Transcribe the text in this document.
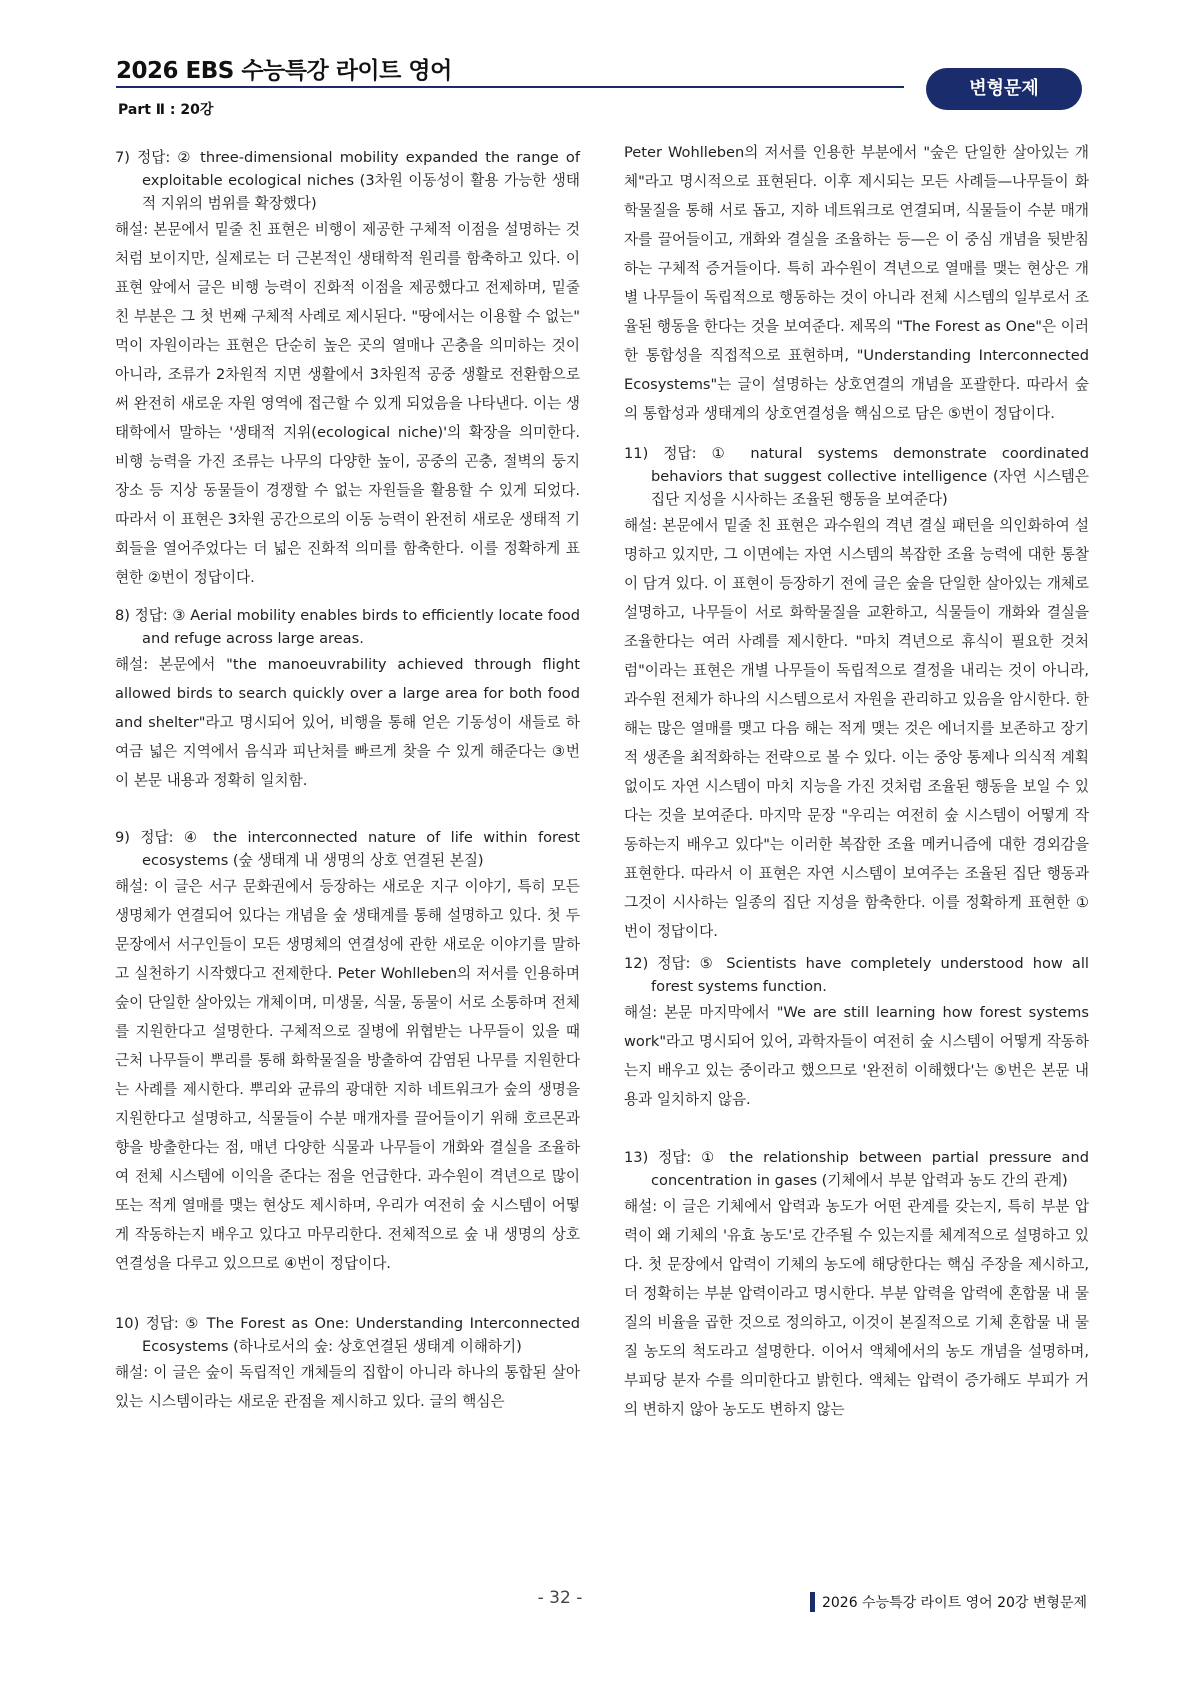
2026 EBS 수능특강 라이트 영어
Part Ⅱ : 20강
변형문제
7) 정답: ② three-dimensional mobility expanded the range of exploitable ecological niches (3차원 이동성이 활용 가능한 생태적 지위의 범위를 확장했다)
해설: 본문에서 밑줄 친 표현은 비행이 제공한 구체적 이점을 설명하는 것처럼 보이지만, 실제로는 더 근본적인 생태학적 원리를 함축하고 있다. 이 표현 앞에서 글은 비행 능력이 진화적 이점을 제공했다고 전제하며, 밑줄 친 부분은 그 첫 번째 구체적 사례로 제시된다. "땅에서는 이용할 수 없는" 먹이 자원이라는 표현은 단순히 높은 곳의 열매나 곤충을 의미하는 것이 아니라, 조류가 2차원적 지면 생활에서 3차원적 공중 생활로 전환함으로써 완전히 새로운 자원 영역에 접근할 수 있게 되었음을 나타낸다. 이는 생태학에서 말하는 '생태적 지위(ecological niche)'의 확장을 의미한다. 비행 능력을 가진 조류는 나무의 다양한 높이, 공중의 곤충, 절벽의 둥지 장소 등 지상 동물들이 경쟁할 수 없는 자원들을 활용할 수 있게 되었다. 따라서 이 표현은 3차원 공간으로의 이동 능력이 완전히 새로운 생태적 기회들을 열어주었다는 더 넓은 진화적 의미를 함축한다. 이를 정확하게 표현한 ②번이 정답이다.
8) 정답: ③ Aerial mobility enables birds to efficiently locate food and refuge across large areas.
해설: 본문에서 "the manoeuvrability achieved through flight allowed birds to search quickly over a large area for both food and shelter"라고 명시되어 있어, 비행을 통해 얻은 기동성이 새들로 하여금 넓은 지역에서 음식과 피난처를 빠르게 찾을 수 있게 해준다는 ③번이 본문 내용과 정확히 일치함.
9) 정답: ④ the interconnected nature of life within forest ecosystems (숲 생태계 내 생명의 상호 연결된 본질)
해설: 이 글은 서구 문화권에서 등장하는 새로운 지구 이야기, 특히 모든 생명체가 연결되어 있다는 개념을 숲 생태계를 통해 설명하고 있다. 첫 두 문장에서 서구인들이 모든 생명체의 연결성에 관한 새로운 이야기를 말하고 실천하기 시작했다고 전제한다. Peter Wohlleben의 저서를 인용하며 숲이 단일한 살아있는 개체이며, 미생물, 식물, 동물이 서로 소통하며 전체를 지원한다고 설명한다. 구체적으로 질병에 위협받는 나무들이 있을 때 근처 나무들이 뿌리를 통해 화학물질을 방출하여 감염된 나무를 지원한다는 사례를 제시한다. 뿌리와 균류의 광대한 지하 네트워크가 숲의 생명을 지원한다고 설명하고, 식물들이 수분 매개자를 끌어들이기 위해 호르몬과 향을 방출한다는 점, 매년 다양한 식물과 나무들이 개화와 결실을 조율하여 전체 시스템에 이익을 준다는 점을 언급한다. 과수원이 격년으로 많이 또는 적게 열매를 맺는 현상도 제시하며, 우리가 여전히 숲 시스템이 어떻게 작동하는지 배우고 있다고 마무리한다. 전체적으로 숲 내 생명의 상호연결성을 다루고 있으므로 ④번이 정답이다.
10) 정답: ⑤ The Forest as One: Understanding Interconnected Ecosystems (하나로서의 숲: 상호연결된 생태계 이해하기)
해설: 이 글은 숲이 독립적인 개체들의 집합이 아니라 하나의 통합된 살아있는 시스템이라는 새로운 관점을 제시하고 있다. 글의 핵심은
Peter Wohlleben의 저서를 인용한 부분에서 "숲은 단일한 살아있는 개체"라고 명시적으로 표현된다. 이후 제시되는 모든 사례들—나무들이 화학물질을 통해 서로 돕고, 지하 네트워크로 연결되며, 식물들이 수분 매개자를 끌어들이고, 개화와 결실을 조율하는 등—은 이 중심 개념을 뒷받침하는 구체적 증거들이다. 특히 과수원이 격년으로 열매를 맺는 현상은 개별 나무들이 독립적으로 행동하는 것이 아니라 전체 시스템의 일부로서 조율된 행동을 한다는 것을 보여준다. 제목의 "The Forest as One"은 이러한 통합성을 직접적으로 표현하며, "Understanding Interconnected Ecosystems"는 글이 설명하는 상호연결의 개념을 포괄한다. 따라서 숲의 통합성과 생태계의 상호연결성을 핵심으로 담은 ⑤번이 정답이다.
11) 정답: ① natural systems demonstrate coordinated behaviors that suggest collective intelligence (자연 시스템은 집단 지성을 시사하는 조율된 행동을 보여준다)
해설: 본문에서 밑줄 친 표현은 과수원의 격년 결실 패턴을 의인화하여 설명하고 있지만, 그 이면에는 자연 시스템의 복잡한 조율 능력에 대한 통찰이 담겨 있다. 이 표현이 등장하기 전에 글은 숲을 단일한 살아있는 개체로 설명하고, 나무들이 서로 화학물질을 교환하고, 식물들이 개화와 결실을 조율한다는 여러 사례를 제시한다. "마치 격년으로 휴식이 필요한 것처럼"이라는 표현은 개별 나무들이 독립적으로 결정을 내리는 것이 아니라, 과수원 전체가 하나의 시스템으로서 자원을 관리하고 있음을 암시한다. 한 해는 많은 열매를 맺고 다음 해는 적게 맺는 것은 에너지를 보존하고 장기적 생존을 최적화하는 전략으로 볼 수 있다. 이는 중앙 통제나 의식적 계획 없이도 자연 시스템이 마치 지능을 가진 것처럼 조율된 행동을 보일 수 있다는 것을 보여준다. 마지막 문장 "우리는 여전히 숲 시스템이 어떻게 작동하는지 배우고 있다"는 이러한 복잡한 조율 메커니즘에 대한 경외감을 표현한다. 따라서 이 표현은 자연 시스템이 보여주는 조율된 집단 행동과 그것이 시사하는 일종의 집단 지성을 함축한다. 이를 정확하게 표현한 ①번이 정답이다.
12) 정답: ⑤ Scientists have completely understood how all forest systems function.
해설: 본문 마지막에서 "We are still learning how forest systems work"라고 명시되어 있어, 과학자들이 여전히 숲 시스템이 어떻게 작동하는지 배우고 있는 중이라고 했으므로 '완전히 이해했다'는 ⑤번은 본문 내용과 일치하지 않음.
13) 정답: ① the relationship between partial pressure and concentration in gases (기체에서 부분 압력과 농도 간의 관계)
해설: 이 글은 기체에서 압력과 농도가 어떤 관계를 갖는지, 특히 부분 압력이 왜 기체의 '유효 농도'로 간주될 수 있는지를 체계적으로 설명하고 있다. 첫 문장에서 압력이 기체의 농도에 해당한다는 핵심 주장을 제시하고, 더 정확히는 부분 압력이라고 명시한다. 부분 압력을 압력에 혼합물 내 물질의 비율을 곱한 것으로 정의하고, 이것이 본질적으로 기체 혼합물 내 물질 농도의 척도라고 설명한다. 이어서 액체에서의 농도 개념을 설명하며, 부피당 분자 수를 의미한다고 밝힌다. 액체는 압력이 증가해도 부피가 거의 변하지 않아 농도도 변하지 않는
- 32 -	2026 수능특강 라이트 영어 20강 변형문제
